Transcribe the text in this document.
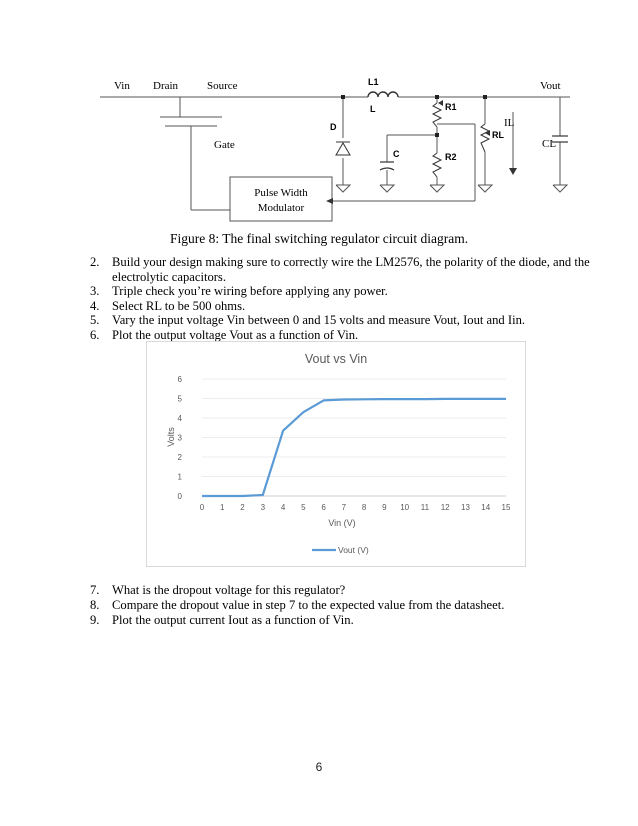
Vin Drain	Source
Gate
L1
L
D
C
R1
R2
RL
IL
Vout
CL
Pulse Width
Modulator
Figure 8: The final switching regulator circuit diagram.
2. Build your design making sure to correctly wire the LM2576, the polarity of the diode, and the electrolytic capacitors.
3. Triple check you’re wiring before applying any power.
4. Select RL to be 500 ohms.
5. Vary the input voltage Vin between 0 and 15 volts and measure Vout, Iout and Iin.
6. Plot the output voltage Vout as a function of Vin.
Vout vs Vin
Volts
0
1
2
3
4
5
6
0 1 2 3 4 5 6 7 8 9 10 11 12 13 14 15
Vin (V)
Vout (V)
7. What is the dropout voltage for this regulator?
8. Compare the dropout value in step 7 to the expected value from the datasheet.
9. Plot the output current Iout as a function of Vin.
6
